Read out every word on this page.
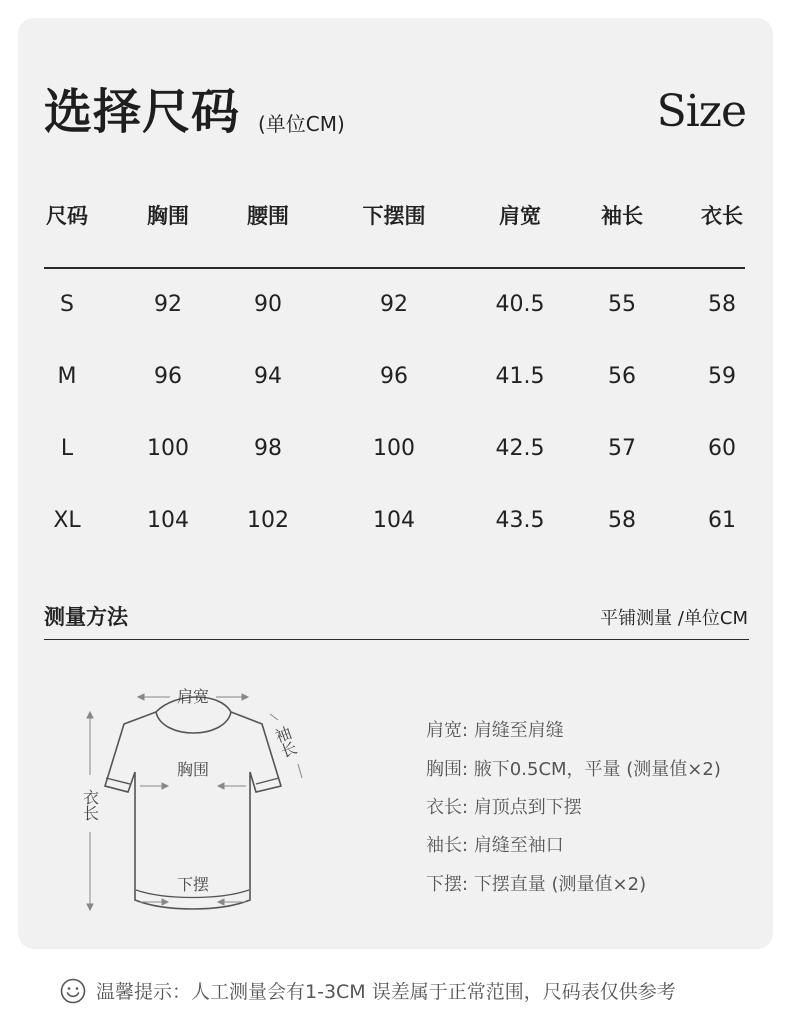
选择尺码 (单位CM)	Size
尺码	胸围	腰围	下摆围	肩宽	袖长	衣长
S	92	90	92	40.5	55	58
M	96	94	96	41.5	56	59
L	100	98	100	42.5	57	60
XL	104	102	104	43.5	58	61
测量方法	平铺测量 /单位CM
肩宽
胸围
下摆
衣长
袖长	肩宽: 肩缝至肩缝
胸围: 腋下0.5CM，平量 (测量值×2)
衣长: 肩顶点到下摆
袖长: 肩缝至袖口
下摆: 下摆直量 (测量值×2)
温馨提示：人工测量会有1-3CM 误差属于正常范围，尺码表仅供参考
